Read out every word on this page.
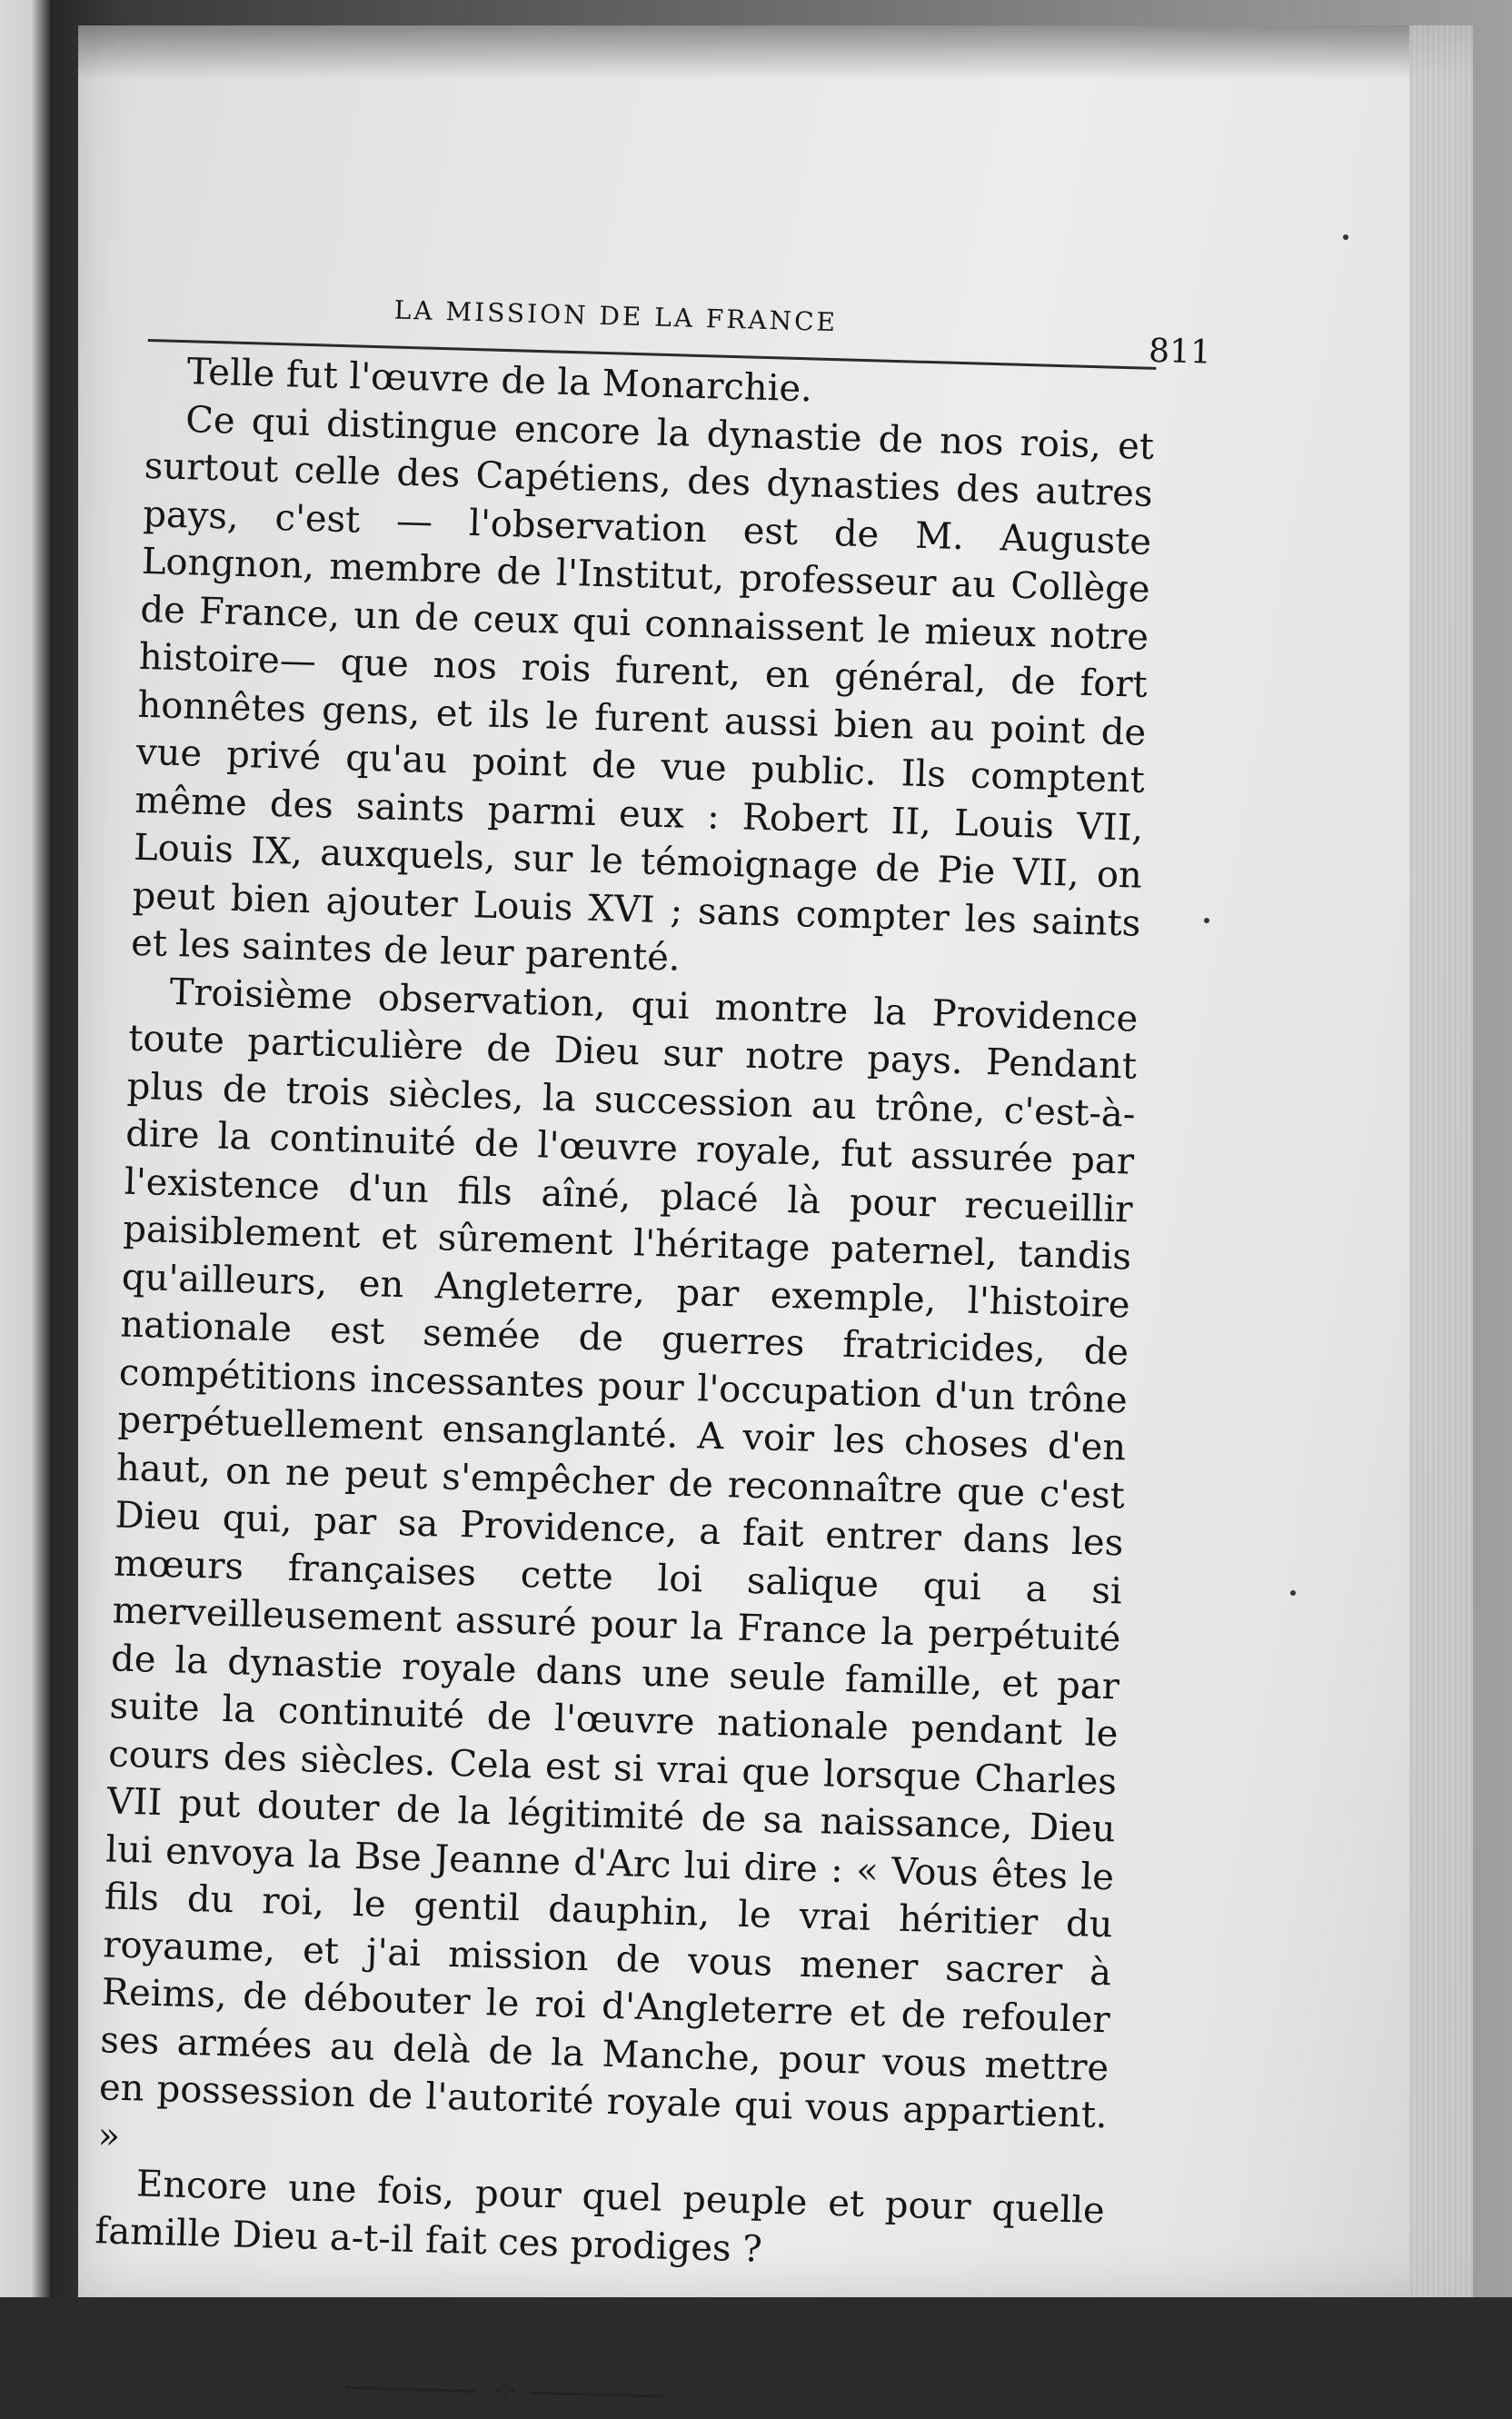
LA MISSION DE LA FRANCE
811

Telle fut l'œuvre de la Monarchie.

Ce qui distingue encore la dynastie de nos rois, et surtout celle des Capétiens, des dynasties des autres pays, c'est — l'observation est de M. Auguste Longnon, membre de l'Institut, professeur au Collège de France, un de ceux qui connaissent le mieux notre histoire— que nos rois furent, en général, de fort honnêtes gens, et ils le furent aussi bien au point de vue privé qu'au point de vue public. Ils comptent même des saints parmi eux : Robert II, Louis VII, Louis IX, auxquels, sur le témoignage de Pie VII, on peut bien ajouter Louis XVI ; sans compter les saints et les saintes de leur parenté.

Troisième observation, qui montre la Providence toute particulière de Dieu sur notre pays. Pendant plus de trois siècles, la succession au trône, c'est-à-dire la continuité de l'œuvre royale, fut assurée par l'existence d'un fils aîné, placé là pour recueillir paisiblement et sûrement l'héritage paternel, tandis qu'ailleurs, en Angleterre, par exemple, l'histoire nationale est semée de guerres fratricides, de compétitions incessantes pour l'occupation d'un trône perpétuellement ensanglanté. A voir les choses d'en haut, on ne peut s'empêcher de reconnaître que c'est Dieu qui, par sa Providence, a fait entrer dans les mœurs françaises cette loi salique qui a si merveilleusement assuré pour la France la perpétuité de la dynastie royale dans une seule famille, et par suite la continuité de l'œuvre nationale pendant le cours des siècles. Cela est si vrai que lorsque Charles VII put douter de la légitimité de sa naissance, Dieu lui envoya la Bse Jeanne d'Arc lui dire : « Vous êtes le fils du roi, le gentil dauphin, le vrai héritier du royaume, et j'ai mission de vous mener sacrer à Reims, de débouter le roi d'Angleterre et de refouler ses armées au delà de la Manche, pour vous mettre en possession de l'autorité royale qui vous appartient. »

Encore une fois, pour quel peuple et pour quelle famille Dieu a-t-il fait ces prodiges ?

•◊•
